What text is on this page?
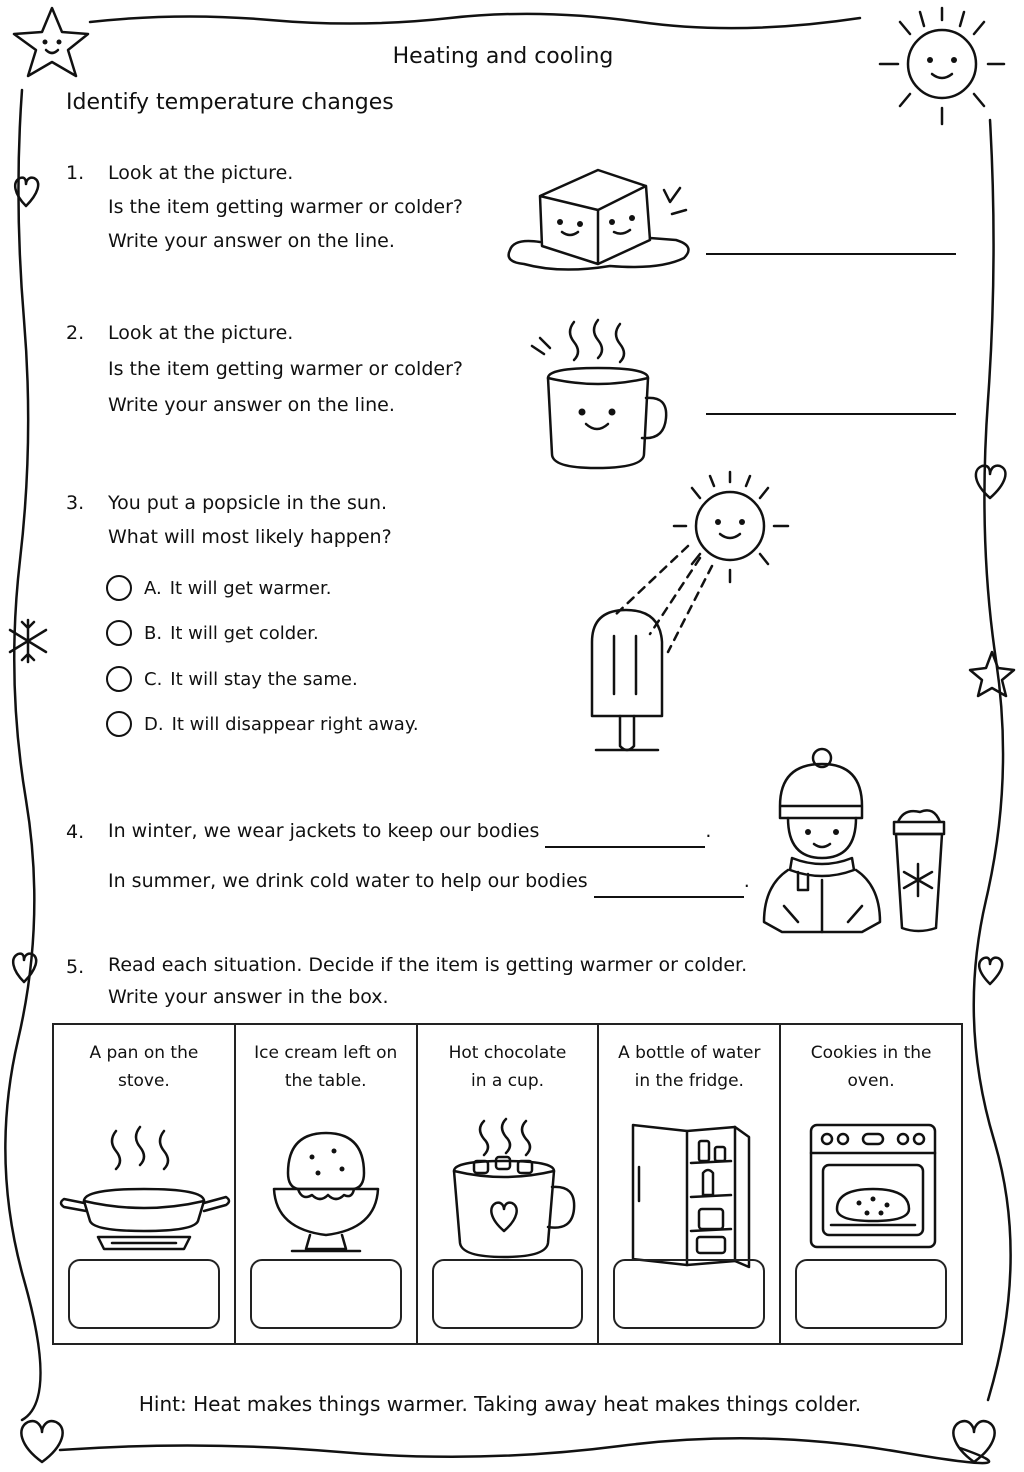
Heating and cooling
Identify temperature changes
1. Look at the picture.
Is the item getting warmer or colder?
Write your answer on the line.
2. Look at the picture.
Is the item getting warmer or colder?
Write your answer on the line.
3. You put a popsicle in the sun.
What will most likely happen?
A. It will get warmer.
B. It will get colder.
C. It will stay the same.
D. It will disappear right away.
4. In winter, we wear jackets to keep our bodies	.
In summer, we drink cold water to help our bodies	.
5. Read each situation. Decide if the item is getting warmer or colder.
Write your answer in the box.
A pan on the
stove.
Ice cream left on
the table.
Hot chocolate
in a cup.
A bottle of water
in the fridge.
Cookies in the
oven.
Hint: Heat makes things warmer. Taking away heat makes things colder.
